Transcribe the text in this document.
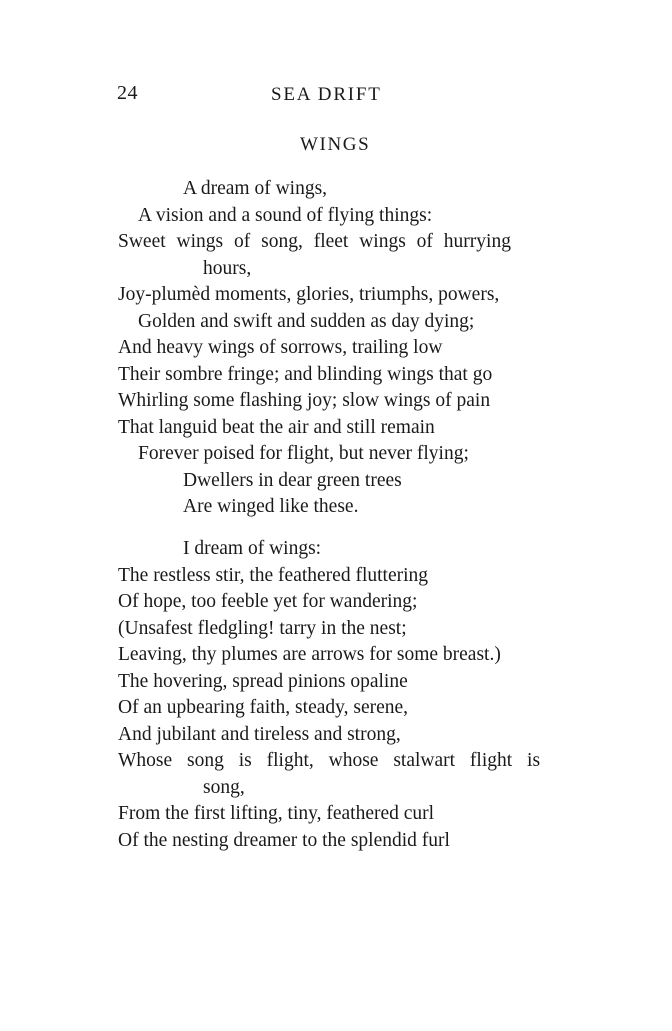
24	SEA DRIFT
WINGS
A dream of wings,
A vision and a sound of flying things:
Sweet wings of song, fleet wings of hurrying
hours,
Joy-plumèd moments, glories, triumphs, powers,
Golden and swift and sudden as day dying;
And heavy wings of sorrows, trailing low
Their sombre fringe; and blinding wings that go
Whirling some flashing joy; slow wings of pain
That languid beat the air and still remain
Forever poised for flight, but never flying;
Dwellers in dear green trees
Are winged like these.
I dream of wings:
The restless stir, the feathered fluttering
Of hope, too feeble yet for wandering;
(Unsafest fledgling! tarry in the nest;
Leaving, thy plumes are arrows for some breast.)
The hovering, spread pinions opaline
Of an upbearing faith, steady, serene,
And jubilant and tireless and strong,
Whose song is flight, whose stalwart flight is
song,
From the first lifting, tiny, feathered curl
Of the nesting dreamer to the splendid furl
